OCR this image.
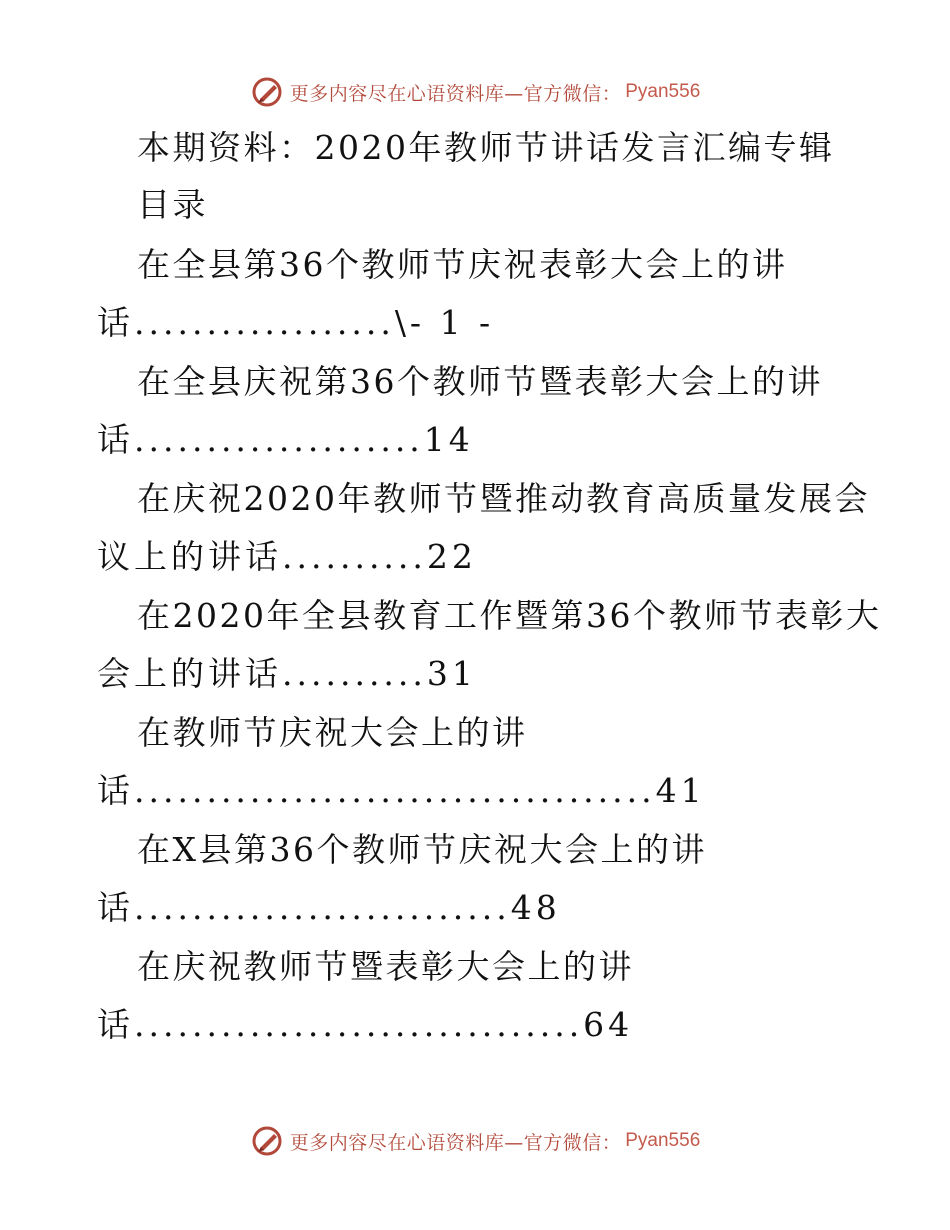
更多内容尽在心语资料库—官方微信： Pyan556
本期资料：2020年教师节讲话发言汇编专辑
目录
在全县第36个教师节庆祝表彰大会上的讲
话..................\- 1 -
在全县庆祝第36个教师节暨表彰大会上的讲
话....................14
在庆祝2020年教师节暨推动教育高质量发展会
议上的讲话..........22
在2020年全县教育工作暨第36个教师节表彰大
会上的讲话..........31
在教师节庆祝大会上的讲
话....................................41
在X县第36个教师节庆祝大会上的讲
话..........................48
在庆祝教师节暨表彰大会上的讲
话...............................64
更多内容尽在心语资料库—官方微信： Pyan556
